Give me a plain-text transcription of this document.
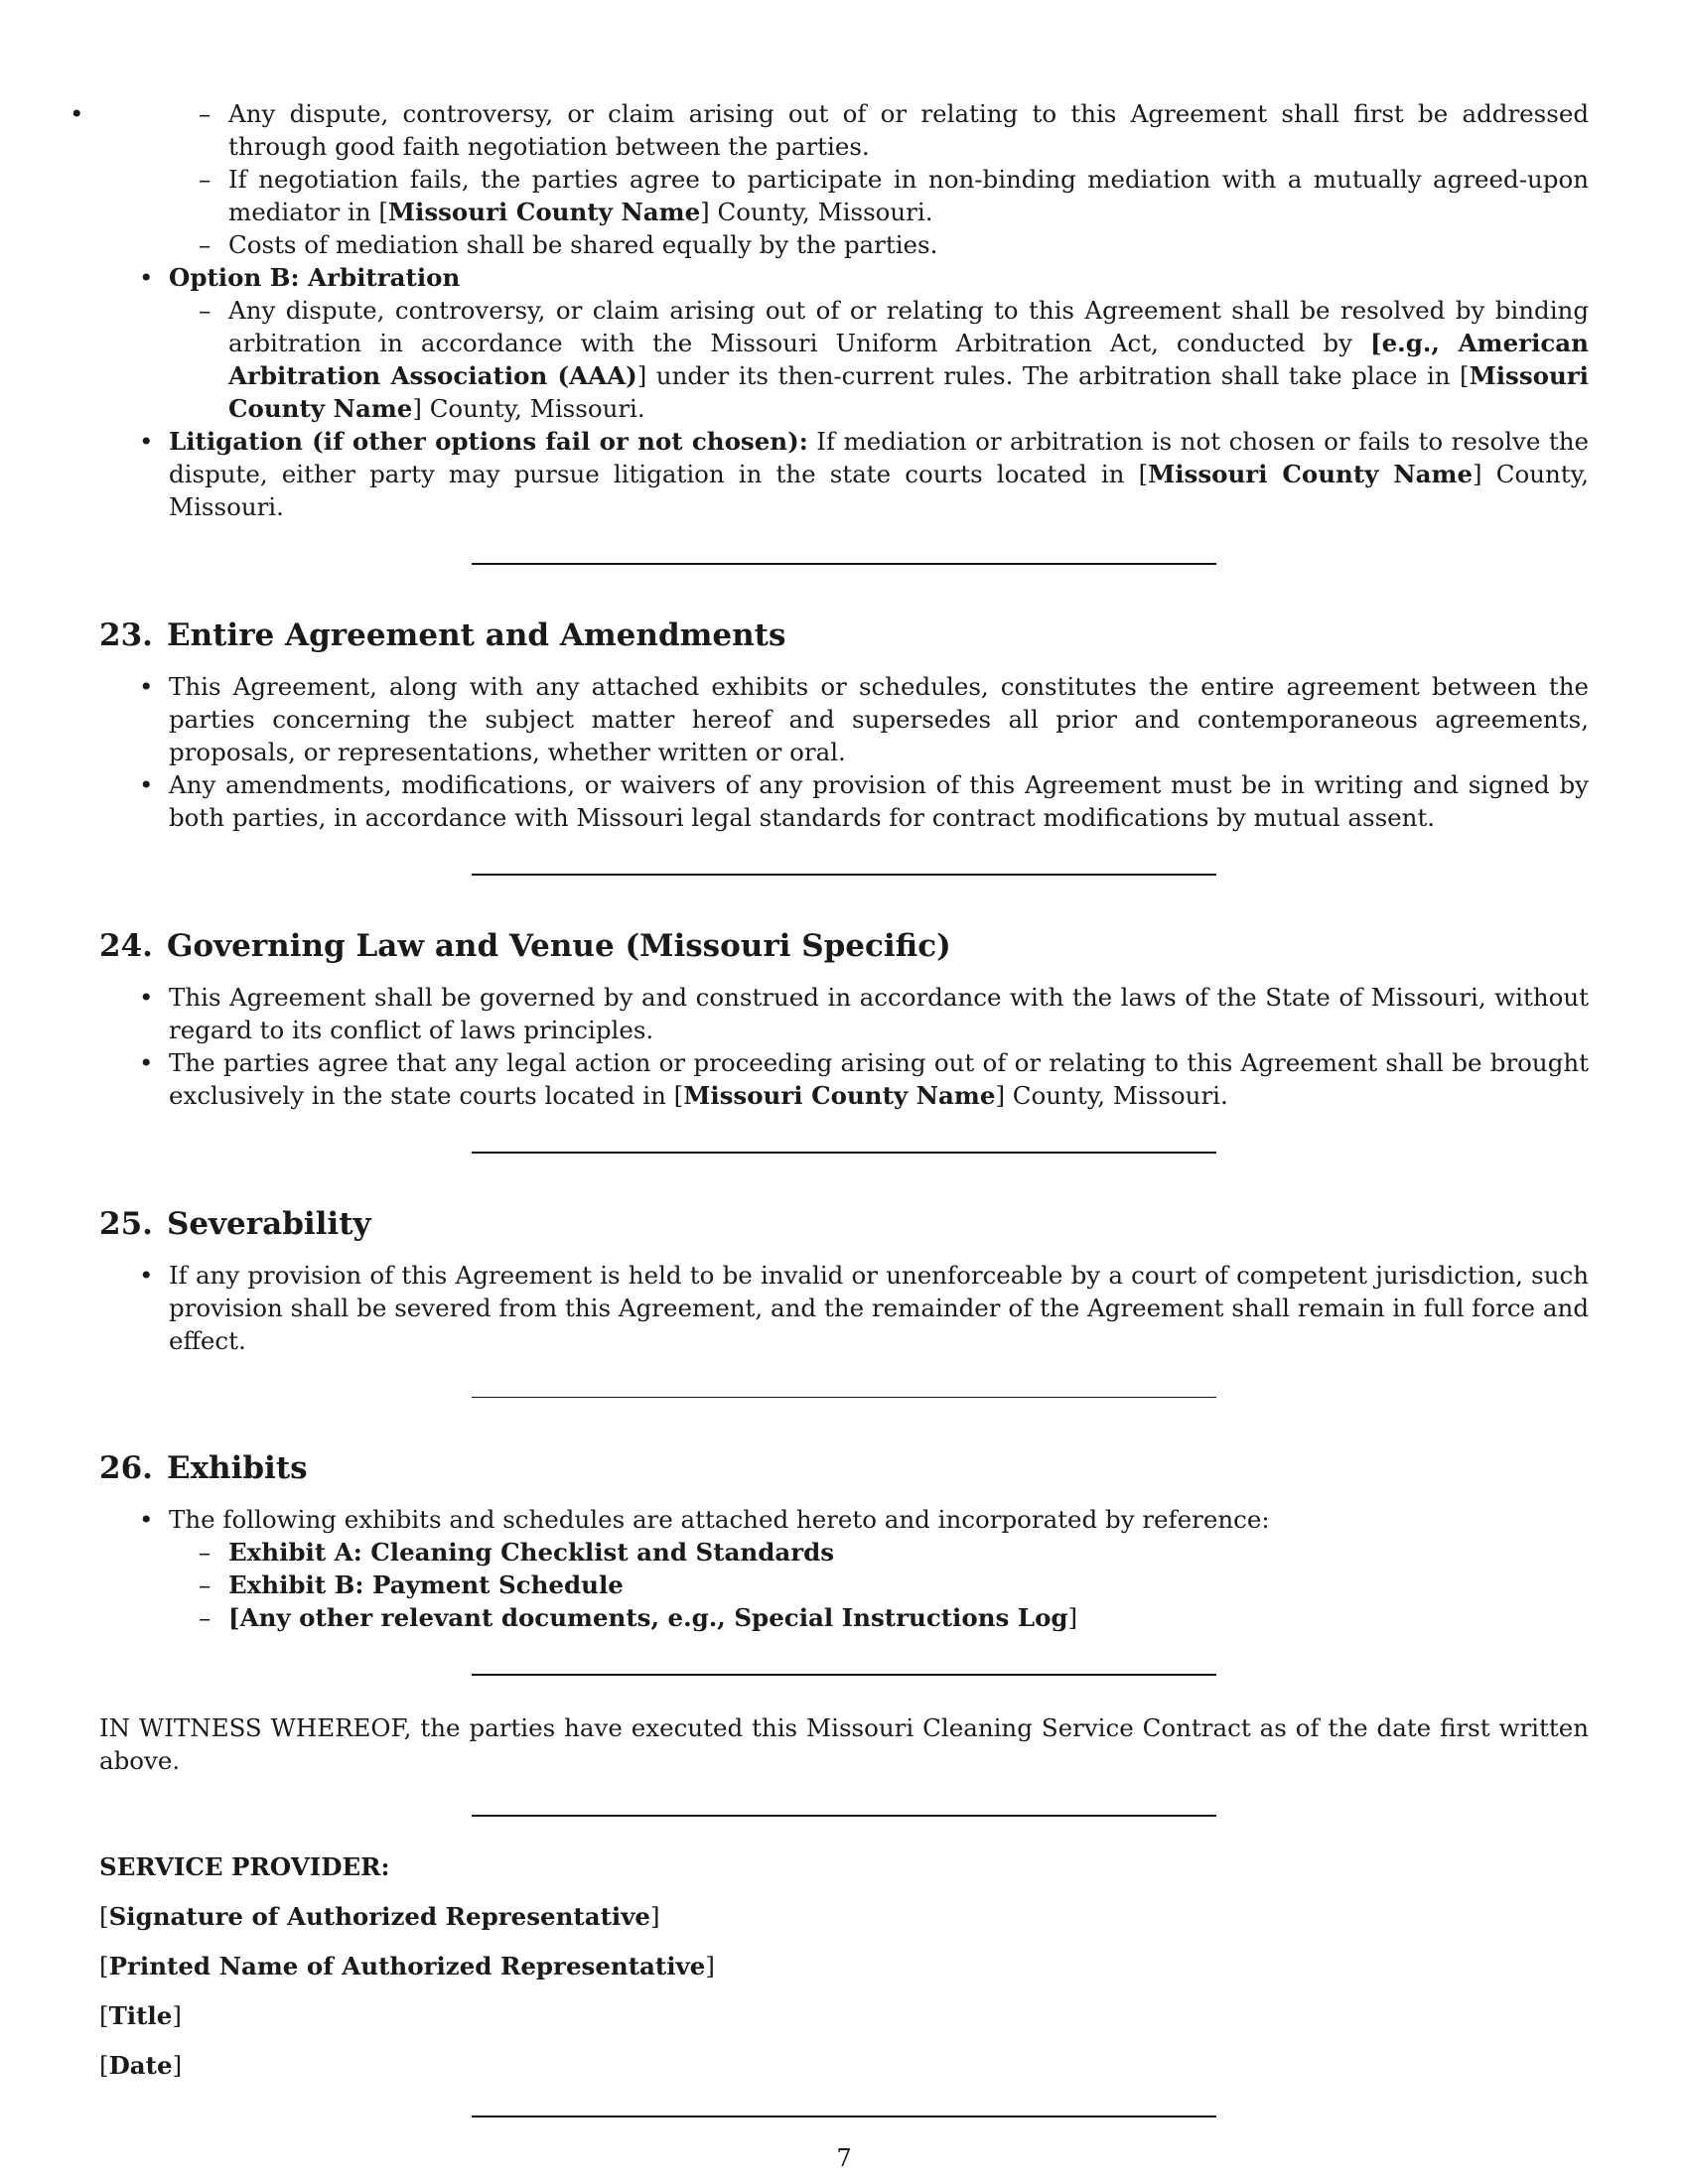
– • Any dispute, controversy, or claim arising out of or relating to this Agreement shall first be addressed through good faith negotiation between the parties.
– If negotiation fails, the parties agree to participate in non-binding mediation with a mutually agreed-upon mediator in [Missouri County Name] County, Missouri.
– Costs of mediation shall be shared equally by the parties.
• Option B: Arbitration
– Any dispute, controversy, or claim arising out of or relating to this Agreement shall be resolved by binding arbitration in accordance with the Missouri Uniform Arbitration Act, conducted by [e.g., American Arbitration Association (AAA)] under its then-current rules. The arbitration shall take place in [Missouri County Name] County, Missouri.
• Litigation (if other options fail or not chosen): If mediation or arbitration is not chosen or fails to resolve the dispute, either party may pursue litigation in the state courts located in [Missouri County Name] County, Missouri.
23. Entire Agreement and Amendments
• This Agreement, along with any attached exhibits or schedules, constitutes the entire agreement between the parties concerning the subject matter hereof and supersedes all prior and contemporaneous agreements, proposals, or representations, whether written or oral.
• Any amendments, modifications, or waivers of any provision of this Agreement must be in writing and signed by both parties, in accordance with Missouri legal standards for contract modifications by mutual assent.
24. Governing Law and Venue (Missouri Specific)
• This Agreement shall be governed by and construed in accordance with the laws of the State of Missouri, without regard to its conflict of laws principles.
• The parties agree that any legal action or proceeding arising out of or relating to this Agreement shall be brought exclusively in the state courts located in [Missouri County Name] County, Missouri.
25. Severability
• If any provision of this Agreement is held to be invalid or unenforceable by a court of competent jurisdiction, such provision shall be severed from this Agreement, and the remainder of the Agreement shall remain in full force and effect.
26. Exhibits
• The following exhibits and schedules are attached hereto and incorporated by reference:
– Exhibit A: Cleaning Checklist and Standards
– Exhibit B: Payment Schedule
– [Any other relevant documents, e.g., Special Instructions Log]

IN WITNESS WHEREOF, the parties have executed this Missouri Cleaning Service Contract as of the date first written above.

SERVICE PROVIDER:

[Signature of Authorized Representative]

[Printed Name of Authorized Representative]

[Title]

[Date]

7
